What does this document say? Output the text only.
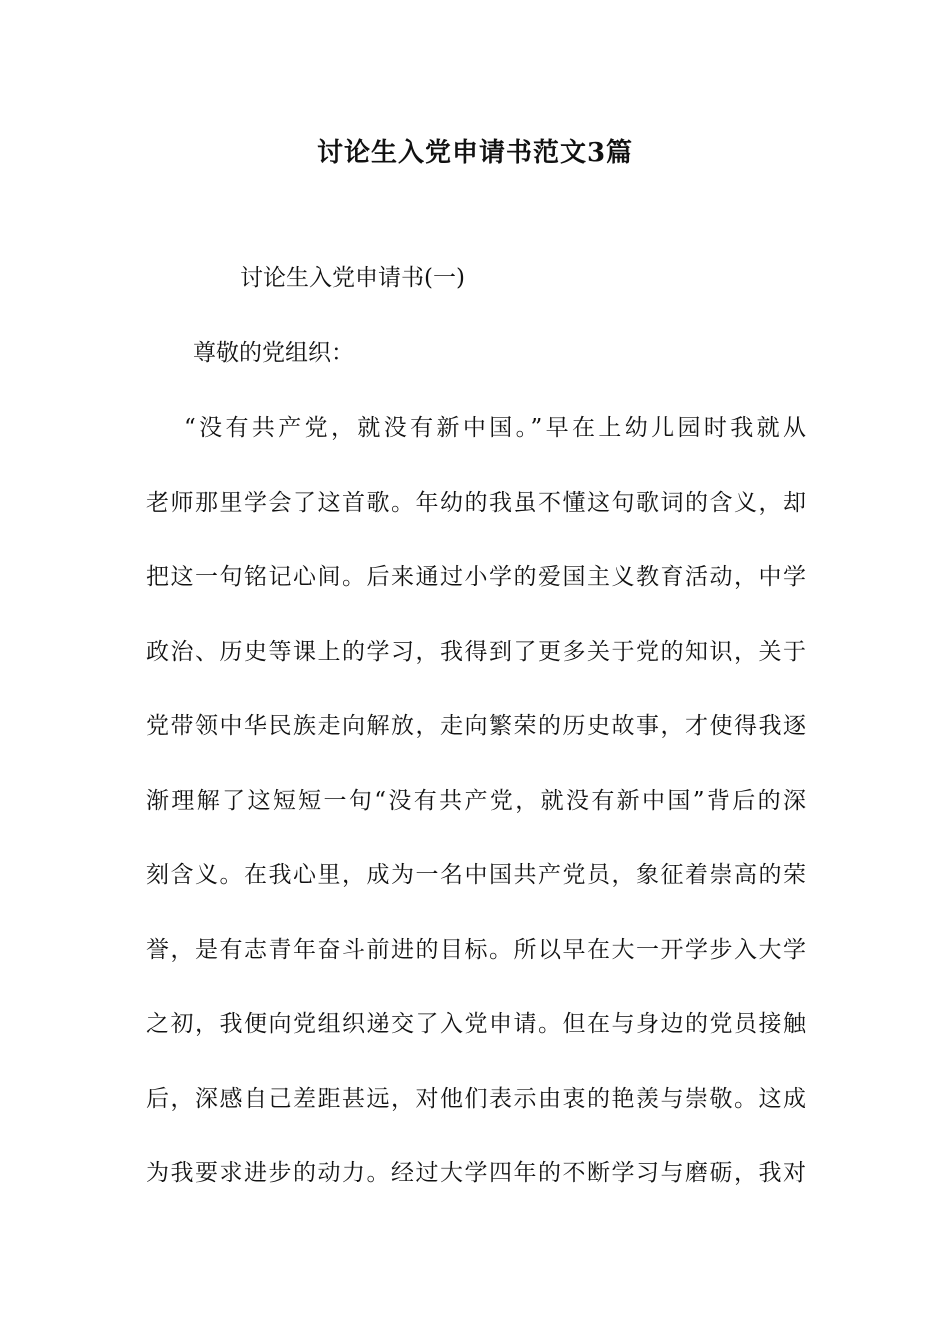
讨论生入党申请书范文3篇

讨论生入党申请书(一)

尊敬的党组织：

“没有共产党，就没有新中国。”早在上幼儿园时我就从

老师那里学会了这首歌。年幼的我虽不懂这句歌词的含义，却

把这一句铭记心间。后来通过小学的爱国主义教育活动，中学

政治、历史等课上的学习，我得到了更多关于党的知识，关于

党带领中华民族走向解放，走向繁荣的历史故事，才使得我逐

渐理解了这短短一句“没有共产党，就没有新中国”背后的深

刻含义。在我心里，成为一名中国共产党员，象征着崇高的荣

誉，是有志青年奋斗前进的目标。所以早在大一开学步入大学

之初，我便向党组织递交了入党申请。但在与身边的党员接触

后，深感自己差距甚远，对他们表示由衷的艳羡与崇敬。这成

为我要求进步的动力。经过大学四年的不断学习与磨砺，我对
